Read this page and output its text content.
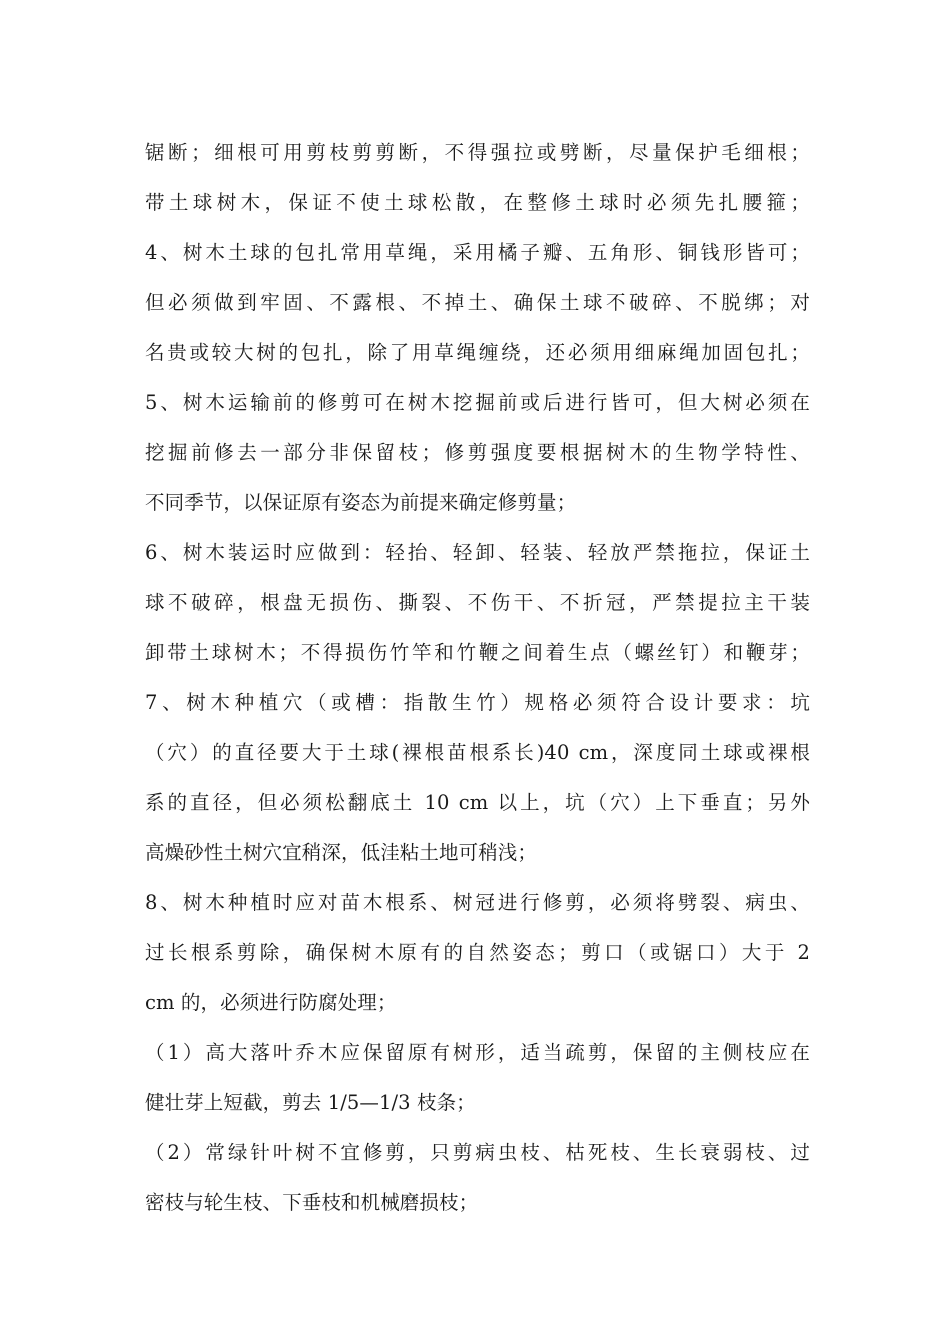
锯断；细根可用剪枝剪剪断，不得强拉或劈断，尽量保护毛细根；
带土球树木，保证不使土球松散，在整修土球时必须先扎腰箍；
4、树木土球的包扎常用草绳，采用橘子瓣、五角形、铜钱形皆可；
但必须做到牢固、不露根、不掉土、确保土球不破碎、不脱绑；对
名贵或较大树的包扎，除了用草绳缠绕，还必须用细麻绳加固包扎；
5、树木运输前的修剪可在树木挖掘前或后进行皆可，但大树必须在
挖掘前修去一部分非保留枝；修剪强度要根据树木的生物学特性、
不同季节，以保证原有姿态为前提来确定修剪量；
6、树木装运时应做到：轻抬、轻卸、轻装、轻放严禁拖拉，保证土
球不破碎，根盘无损伤、撕裂、不伤干、不折冠，严禁提拉主干装
卸带土球树木；不得损伤竹竿和竹鞭之间着生点（螺丝钉）和鞭芽；
7、树木种植穴（或槽：指散生竹）规格必须符合设计要求：坑
（穴）的直径要大于土球(裸根苗根系长)40 cm，深度同土球或裸根
系的直径，但必须松翻底土 10 cm 以上，坑（穴）上下垂直；另外
高燥砂性土树穴宜稍深，低洼粘土地可稍浅；
8、树木种植时应对苗木根系、树冠进行修剪，必须将劈裂、病虫、
过长根系剪除，确保树木原有的自然姿态；剪口（或锯口）大于 2
cm 的，必须进行防腐处理；
（1）高大落叶乔木应保留原有树形，适当疏剪，保留的主侧枝应在
健壮芽上短截，剪去 1/5—1/3 枝条；
（2）常绿针叶树不宜修剪，只剪病虫枝、枯死枝、生长衰弱枝、过
密枝与轮生枝、下垂枝和机械磨损枝；
